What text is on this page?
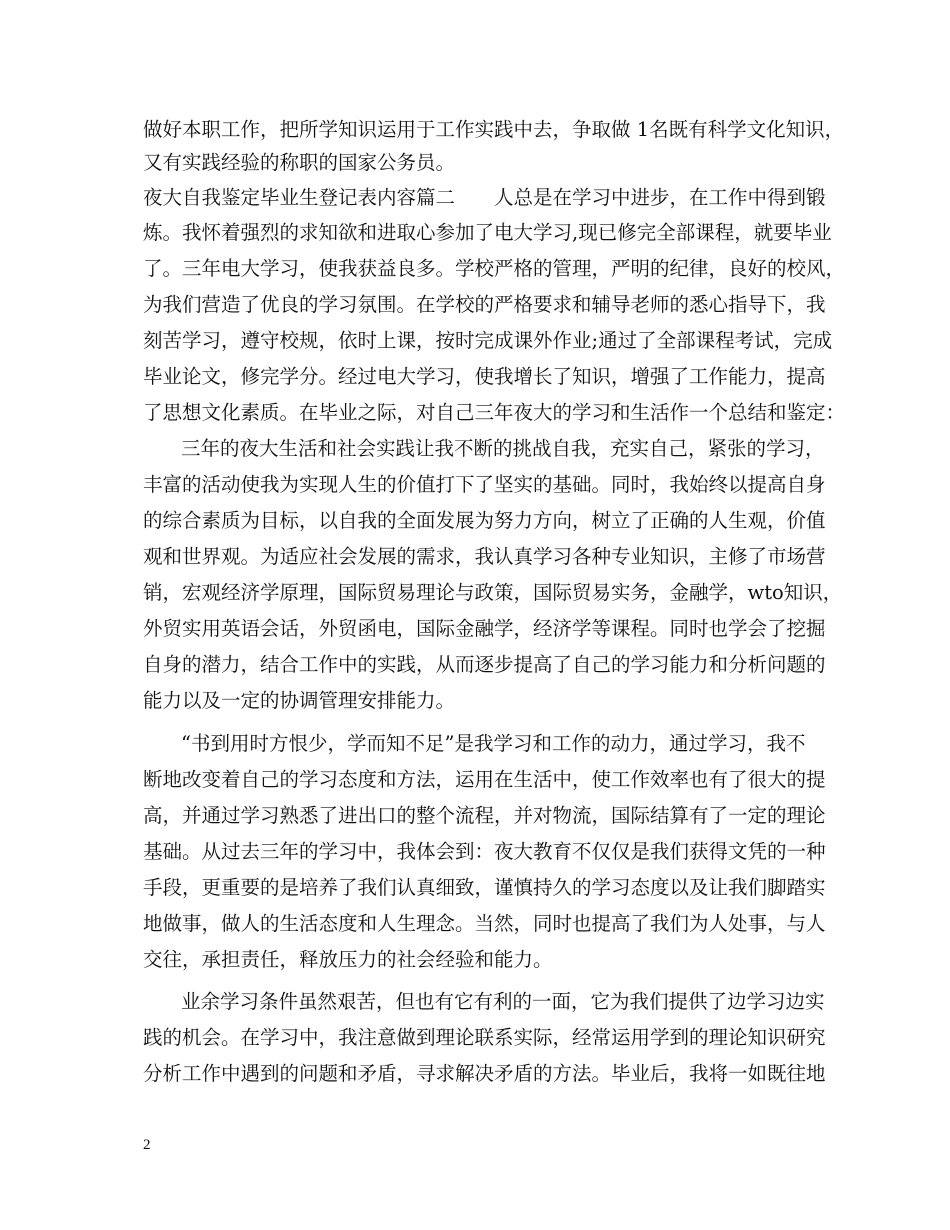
做好本职工作，把所学知识运用于工作实践中去，争取做 1名既有科学文化知识，
又有实践经验的称职的国家公务员。
夜大自我鉴定毕业生登记表内容篇二　　人总是在学习中进步，在工作中得到锻
炼。我怀着强烈的求知欲和进取心参加了电大学习,现已修完全部课程，就要毕业
了。三年电大学习，使我获益良多。学校严格的管理，严明的纪律，良好的校风，
为我们营造了优良的学习氛围。在学校的严格要求和辅导老师的悉心指导下，我
刻苦学习，遵守校规，依时上课，按时完成课外作业;通过了全部课程考试，完成
毕业论文，修完学分。经过电大学习，使我增长了知识，增强了工作能力，提高
了思想文化素质。在毕业之际，对自己三年夜大的学习和生活作一个总结和鉴定：
三年的夜大生活和社会实践让我不断的挑战自我，充实自己，紧张的学习，
丰富的活动使我为实现人生的价值打下了坚实的基础。同时，我始终以提高自身
的综合素质为目标，以自我的全面发展为努力方向，树立了正确的人生观，价值
观和世界观。为适应社会发展的需求，我认真学习各种专业知识，主修了市场营
销，宏观经济学原理，国际贸易理论与政策，国际贸易实务，金融学，wto知识，
外贸实用英语会话，外贸函电，国际金融学，经济学等课程。同时也学会了挖掘
自身的潜力，结合工作中的实践，从而逐步提高了自己的学习能力和分析问题的
能力以及一定的协调管理安排能力。
“书到用时方恨少，学而知不足”是我学习和工作的动力，通过学习，我不
断地改变着自己的学习态度和方法，运用在生活中，使工作效率也有了很大的提
高，并通过学习熟悉了进出口的整个流程，并对物流，国际结算有了一定的理论
基础。从过去三年的学习中，我体会到：夜大教育不仅仅是我们获得文凭的一种
手段，更重要的是培养了我们认真细致，谨慎持久的学习态度以及让我们脚踏实
地做事，做人的生活态度和人生理念。当然，同时也提高了我们为人处事，与人
交往，承担责任，释放压力的社会经验和能力。
业余学习条件虽然艰苦，但也有它有利的一面，它为我们提供了边学习边实
践的机会。在学习中，我注意做到理论联系实际，经常运用学到的理论知识研究
分析工作中遇到的问题和矛盾，寻求解决矛盾的方法。毕业后，我将一如既往地
2
